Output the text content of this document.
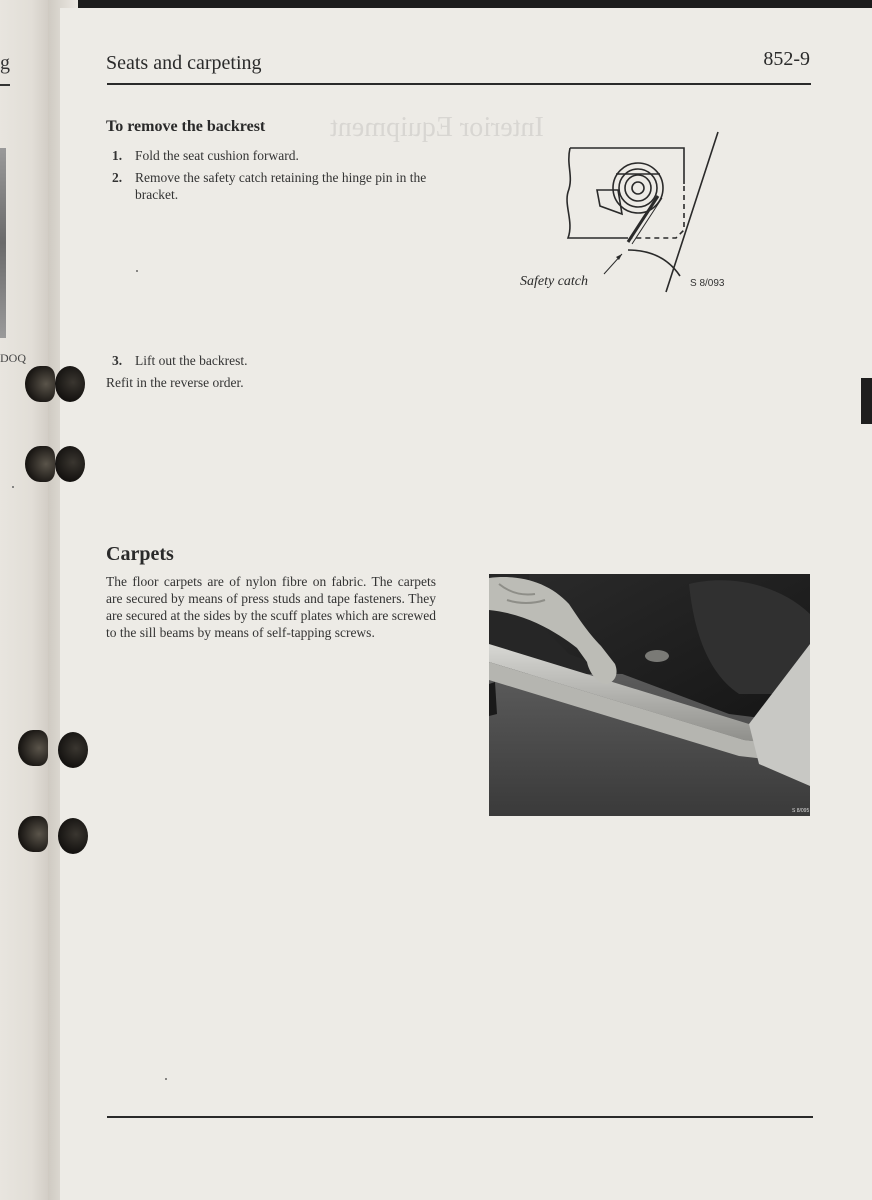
g
DOQ
Interior Equipment
Seats and carpeting	852-9
To remove the backrest
1. Fold the seat cushion forward.
2. Remove the safety catch retaining the hinge pin in the bracket.
3. Lift out the backrest.
Refit in the reverse order.
Safety catch	S 8/093
Carpets
The floor carpets are of nylon fibre on fabric. The carpets are secured by means of press studs and tape fasteners. They are secured at the sides by the scuff plates which are screwed to the sill beams by means of self-tapping screws.
S 8/095
